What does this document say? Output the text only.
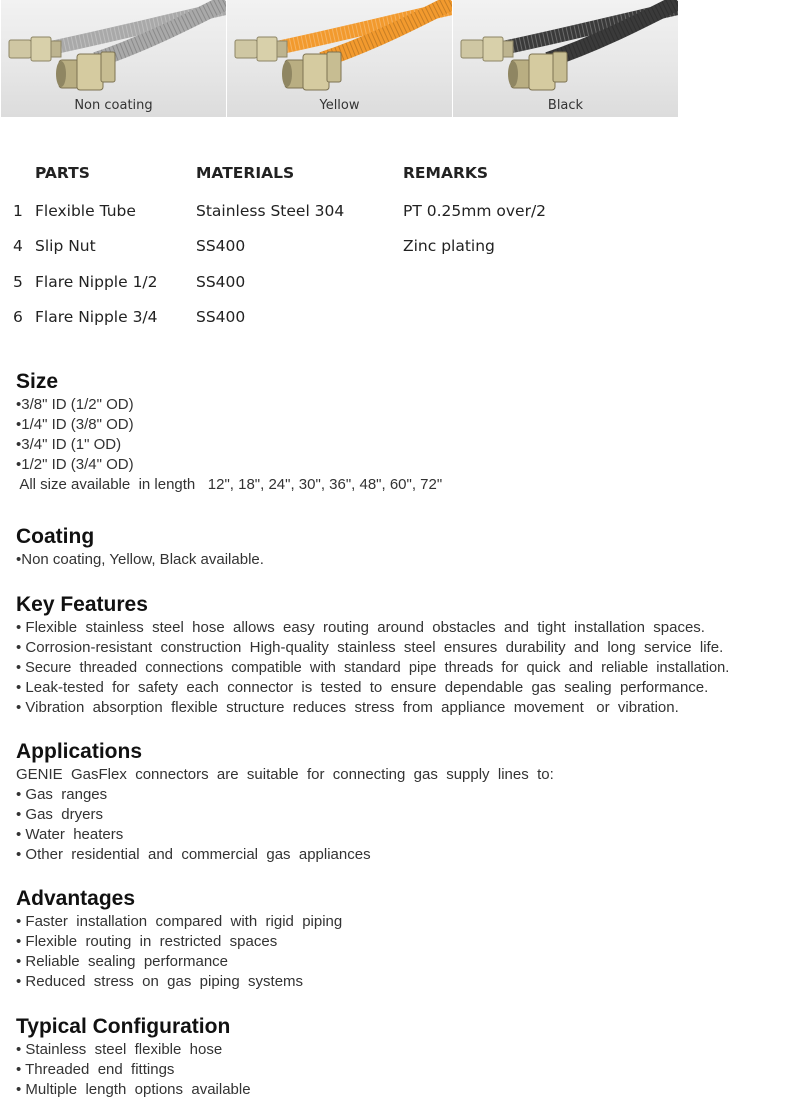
Non coating	Yellow	Black
PARTS	MATERIALS	REMARKS
1 Flexible Tube	Stainless Steel 304	PT 0.25mm over/2
4 Slip Nut	SS400	Zinc plating
5 Flare Nipple 1/2 SS400
6 Flare Nipple 3/4 SS400
Size
•3/8" ID (1/2" OD)
•1/4" ID (3/8" OD)
•3/4" ID (1" OD)
•1/2" ID (3/4" OD)
All size available  in length   12", 18", 24", 30", 36", 48", 60", 72"
Coating
•Non coating, Yellow, Black available.
Key Features
• Flexible  stainless  steel  hose  allows  easy  routing  around  obstacles  and  tight  installation  spaces.
• Corrosion-resistant  construction  High-quality  stainless  steel  ensures  durability  and  long  service  life.
• Secure  threaded  connections  compatible  with  standard  pipe  threads  for  quick  and  reliable  installation.
• Leak-tested  for  safety  each  connector  is  tested  to  ensure  dependable  gas  sealing  performance.
• Vibration  absorption  flexible  structure  reduces  stress  from  appliance  movement   or  vibration.
Applications
GENIE  GasFlex  connectors  are  suitable  for  connecting  gas  supply  lines  to:
• Gas  ranges
• Gas  dryers
• Water  heaters
• Other  residential  and  commercial  gas  appliances
Advantages
• Faster  installation  compared  with  rigid  piping
• Flexible  routing  in  restricted  spaces
• Reliable  sealing  performance
• Reduced  stress  on  gas  piping  systems
Typical Configuration
• Stainless  steel  flexible  hose
• Threaded  end  fittings
• Multiple  length  options  available
